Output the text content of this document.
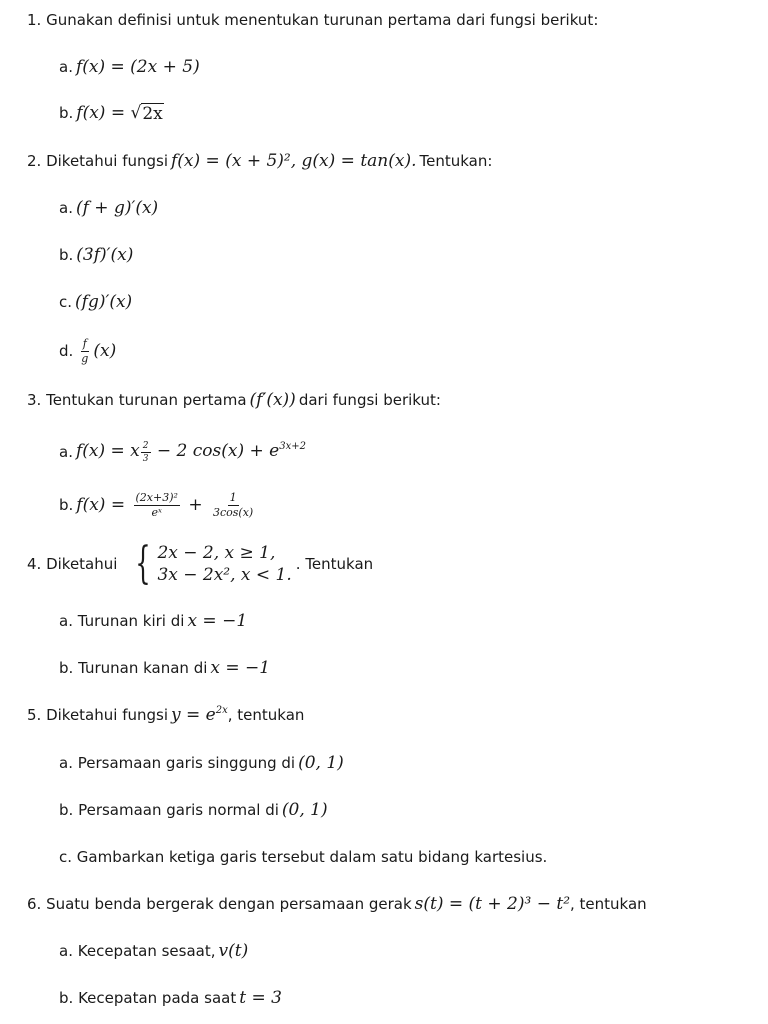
1. Gunakan definisi untuk menentukan turunan pertama dari fungsi berikut:
a. f(x) = (2x + 5)
b. f(x) = √ 2x
2. Diketahui fungsi f(x) = (x + 5)², g(x) = tan(x). Tentukan:
a. (f + g)′(x)
b. (3f)′(x)
c. (fg)′(x)
d. $\frac{f}{g} (x)$
3. Tentukan turunan pertama (f′(x)) dari fungsi berikut:
a. f(x) = x $\frac{2}{3} - 2$ $\cos(x) + e^{3x+2}$
b. $f(x) = \frac{\text{(2x+3)²}}{\text{eˣ}} + \frac{1}{3\cos(x)}$
4. Diketahui { 2x − 2, x ≥ 1,
3x − 2x², x < 1.
. Tentukan
a.
Turunan kiri di x = −1
b.
Turunan kanan di x = −1
5. Diketahui fungsi $y = e^{2x}$ , tentukan
a.
Persamaan garis singgung di (0, 1)
b.
Persamaan garis normal di (0, 1)
c.
Gambarkan ketiga garis tersebut dalam satu bidang kartesius.
6. Suatu benda bergerak dengan persamaan gerak s(t) = (t + 2)³ − t² , tentukan
a.
Kecepatan sesaat, v(t)
b.
Kecepatan pada saat t = 3
